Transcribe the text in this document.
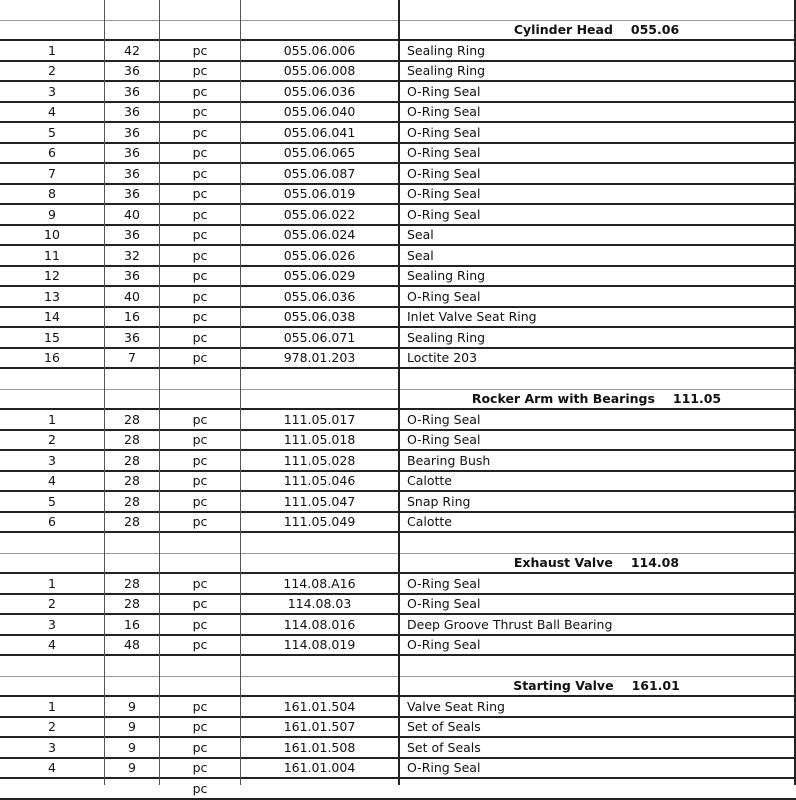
Cylinder Head 055.06
1	42	pc	055.06.006	Sealing Ring
2	36	pc	055.06.008	Sealing Ring
3	36	pc	055.06.036	O-Ring Seal
4	36	pc	055.06.040	O-Ring Seal
5	36	pc	055.06.041	O-Ring Seal
6	36	pc	055.06.065	O-Ring Seal
7	36	pc	055.06.087	O-Ring Seal
8	36	pc	055.06.019	O-Ring Seal
9	40	pc	055.06.022	O-Ring Seal
10	36	pc	055.06.024	Seal
11	32	pc	055.06.026	Seal
12	36	pc	055.06.029	Sealing Ring
13	40	pc	055.06.036	O-Ring Seal
14	16	pc	055.06.038	Inlet Valve Seat Ring
15	36	pc	055.06.071	Sealing Ring
16	7	pc	978.01.203	Loctite 203
Rocker Arm with Bearings 111.05
1	28	pc	111.05.017	O-Ring Seal
2	28	pc	111.05.018	O-Ring Seal
3	28	pc	111.05.028	Bearing Bush
4	28	pc	111.05.046	Calotte
5	28	pc	111.05.047	Snap Ring
6	28	pc	111.05.049	Calotte
Exhaust Valve 114.08
1	28	pc	114.08.A16	O-Ring Seal
2	28	pc	114.08.03	O-Ring Seal
3	16	pc	114.08.016	Deep Groove Thrust Ball Bearing
4	48	pc	114.08.019	O-Ring Seal
Starting Valve 161.01
1	9	pc	161.01.504	Valve Seat Ring
2	9	pc	161.01.507	Set of Seals
3	9	pc	161.01.508	Set of Seals
4	9	pc	161.01.004	O-Ring Seal
pc
